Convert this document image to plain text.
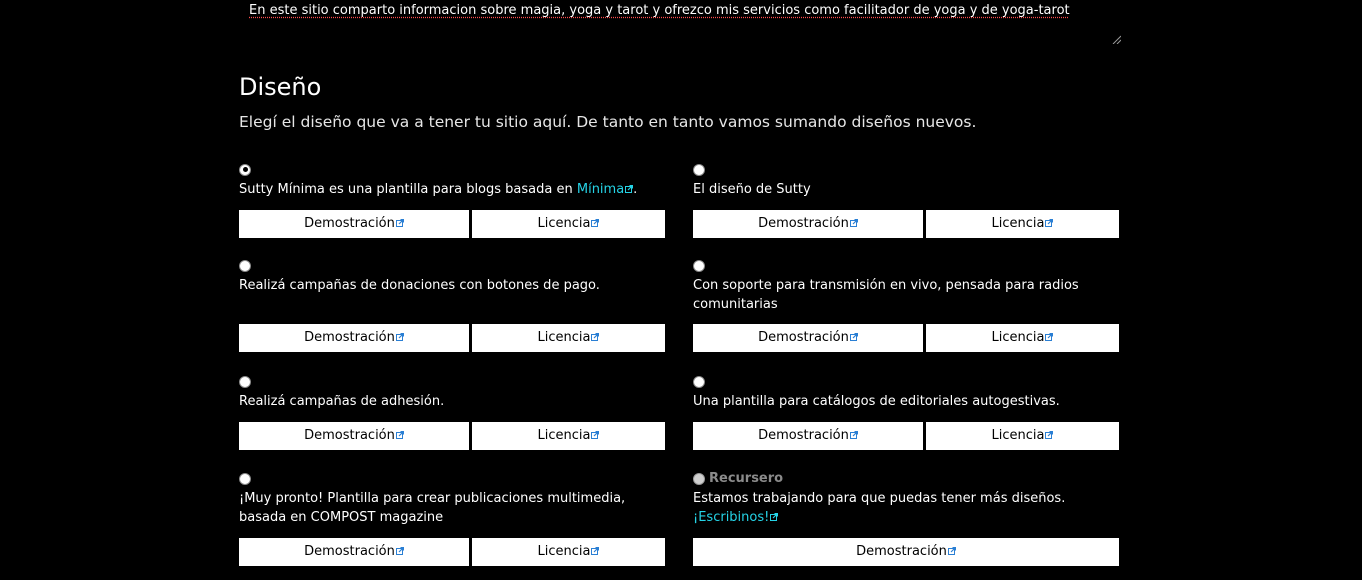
En este sitio comparto informacion sobre magia, yoga y tarot y ofrezco mis servicios como facilitador de yoga y de yoga-tarot
Diseño

Elegí el diseño que va a tener tu sitio aquí. De tanto en tanto vamos sumando diseños nuevos.

Sutty Mínima es una plantilla para blogs basada en Mínima .
Demostración	Licencia
El diseño de Sutty
Demostración	Licencia
Realizá campañas de donaciones con botones de pago.
Demostración	Licencia
Con soporte para transmisión en vivo, pensada para radios comunitarias
Demostración	Licencia
Realizá campañas de adhesión.
Demostración	Licencia
Una plantilla para catálogos de editoriales autogestivas.
Demostración	Licencia
¡Muy pronto! Plantilla para crear publicaciones multimedia, basada en COMPOST magazine
Demostración	Licencia
Recursero
Estamos trabajando para que puedas tener más diseños. ¡Escribinos!
Demostración
